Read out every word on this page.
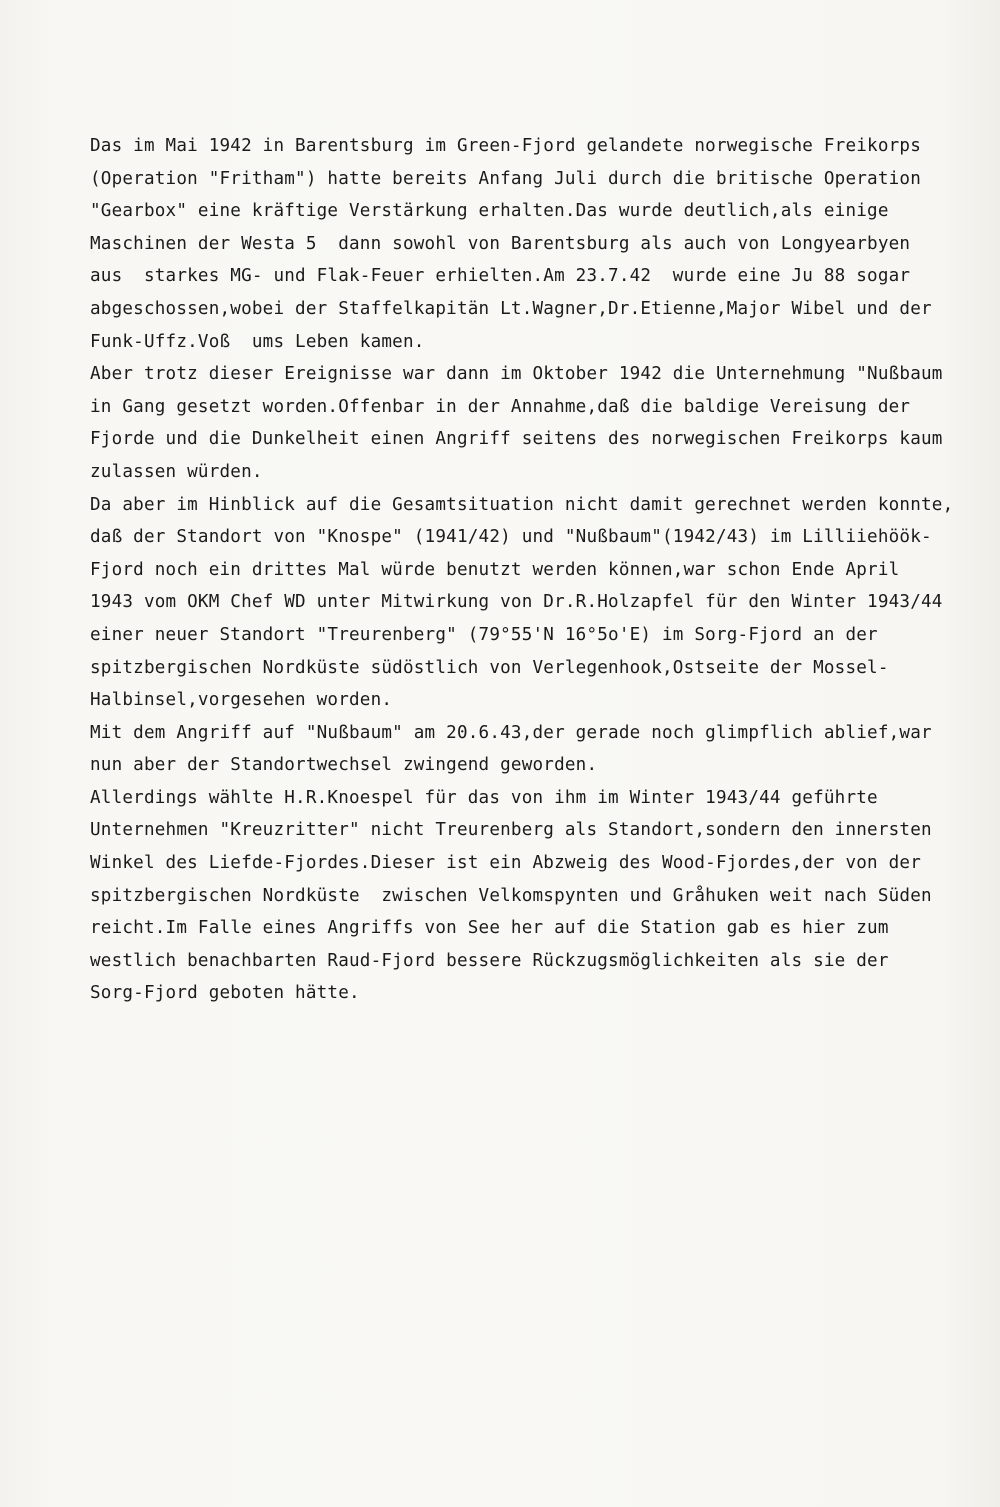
Das im Mai 1942 in Barentsburg im Green-Fjord gelandete norwegische Freikorps
(Operation "Fritham") hatte bereits Anfang Juli durch die britische Operation
"Gearbox" eine kräftige Verstärkung erhalten.Das wurde deutlich,als einige
Maschinen der Westa 5  dann sowohl von Barentsburg als auch von Longyearbyen
aus  starkes MG- und Flak-Feuer erhielten.Am 23.7.42  wurde eine Ju 88 sogar
abgeschossen,wobei der Staffelkapitän Lt.Wagner,Dr.Etienne,Major Wibel und der
Funk-Uffz.Voß  ums Leben kamen.
Aber trotz dieser Ereignisse war dann im Oktober 1942 die Unternehmung "Nußbaum
in Gang gesetzt worden.Offenbar in der Annahme,daß die baldige Vereisung der
Fjorde und die Dunkelheit einen Angriff seitens des norwegischen Freikorps kaum
zulassen würden.
Da aber im Hinblick auf die Gesamtsituation nicht damit gerechnet werden konnte,
daß der Standort von "Knospe" (1941/42) und "Nußbaum"(1942/43) im Lilliiehöök-
Fjord noch ein drittes Mal würde benutzt werden können,war schon Ende April
1943 vom OKM Chef WD unter Mitwirkung von Dr.R.Holzapfel für den Winter 1943/44
einer neuer Standort "Treurenberg" (79°55'N 16°5o'E) im Sorg-Fjord an der
spitzbergischen Nordküste südöstlich von Verlegenhook,Ostseite der Mossel-
Halbinsel,vorgesehen worden.
Mit dem Angriff auf "Nußbaum" am 20.6.43,der gerade noch glimpflich ablief,war
nun aber der Standortwechsel zwingend geworden.
Allerdings wählte H.R.Knoespel für das von ihm im Winter 1943/44 geführte
Unternehmen "Kreuzritter" nicht Treurenberg als Standort,sondern den innersten
Winkel des Liefde-Fjordes.Dieser ist ein Abzweig des Wood-Fjordes,der von der
spitzbergischen Nordküste  zwischen Velkomspynten und Gråhuken weit nach Süden
reicht.Im Falle eines Angriffs von See her auf die Station gab es hier zum
westlich benachbarten Raud-Fjord bessere Rückzugsmöglichkeiten als sie der
Sorg-Fjord geboten hätte.
